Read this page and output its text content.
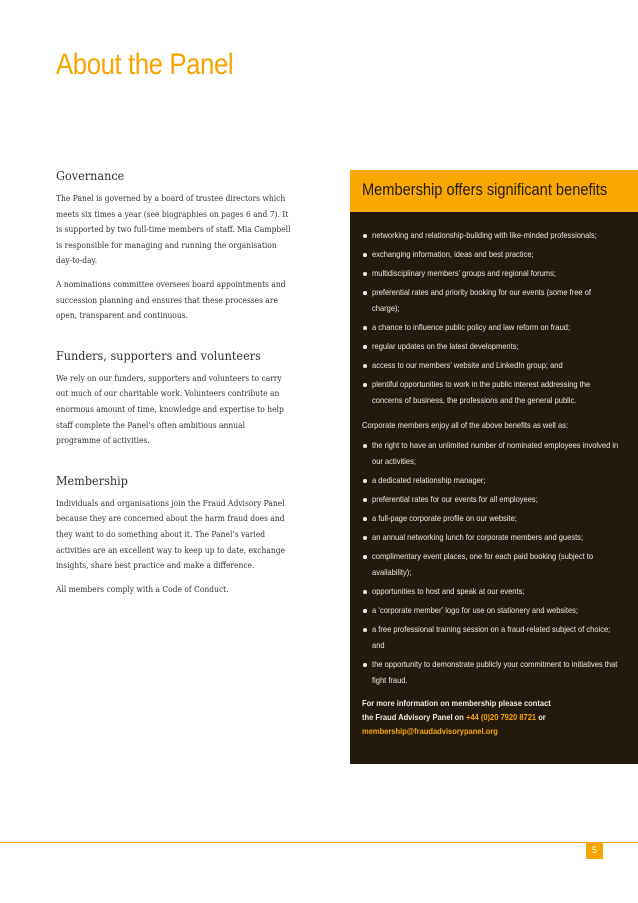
About the Panel
Governance

The Panel is governed by a board of trustee directors which meets six times a year (see biographies on pages 6 and 7). It is supported by two full-time members of staff. Mia Campbell is responsible for managing and running the organisation day-to-day.

A nominations committee oversees board appointments and succession planning and ensures that these processes are open, transparent and continuous.

Funders, supporters and volunteers

We rely on our funders, supporters and volunteers to carry out much of our charitable work. Volunteers contribute an enormous amount of time, knowledge and expertise to help staff complete the Panel’s often ambitious annual programme of activities.

Membership

Individuals and organisations join the Fraud Advisory Panel because they are concerned about the harm fraud does and they want to do something about it. The Panel’s varied activities are an excellent way to keep up to date, exchange insights, share best practice and make a difference.

All members comply with a Code of Conduct.

Membership offers significant benefits
networking and relationship-building with like-minded professionals;
exchanging information, ideas and best practice;
multidisciplinary members’ groups and regional forums;
preferential rates and priority booking for our events (some free of charge);
a chance to influence public policy and law reform on fraud;
regular updates on the latest developments;
access to our members’ website and LinkedIn group; and
plentiful opportunities to work in the public interest addressing the concerns of business, the professions and the general public.

Corporate members enjoy all of the above benefits as well as:

the right to have an unlimited number of nominated employees involved in our activities;
a dedicated relationship manager;
preferential rates for our events for all employees;
a full-page corporate profile on our website;
an annual networking lunch for corporate members and guests;
complimentary event places, one for each paid booking (subject to availability);
opportunities to host and speak at our events;
a ‘corporate member’ logo for use on stationery and websites;
a free professional training session on a fraud-related subject of choice; and
the opportunity to demonstrate publicly your commitment to initiatives that fight fraud.

For more information on membership please contact
the Fraud Advisory Panel on +44 (0)20 7920 8721 or
membership@fraudadvisorypanel.org

5
